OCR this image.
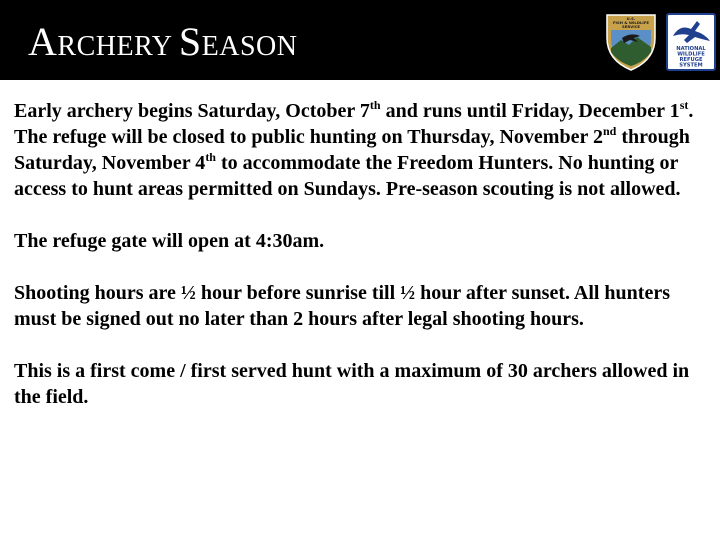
ARCHERY SEASON
U.S.
FISH & WILDLIFE
SERVICE
NATIONAL
WILDLIFE
REFUGE
SYSTEM

Early archery begins Saturday, October 7th and runs until Friday, December 1st. The refuge will be closed to public hunting on Thursday, November 2nd through Saturday, November 4th to accommodate the Freedom Hunters. No hunting or access to hunt areas permitted on Sundays. Pre-season scouting is not allowed.

The refuge gate will open at 4:30am.

Shooting hours are ½ hour before sunrise till ½ hour after sunset. All hunters must be signed out no later than 2 hours after legal shooting hours.

This is a first come / first served hunt with a maximum of 30 archers allowed in the field.
